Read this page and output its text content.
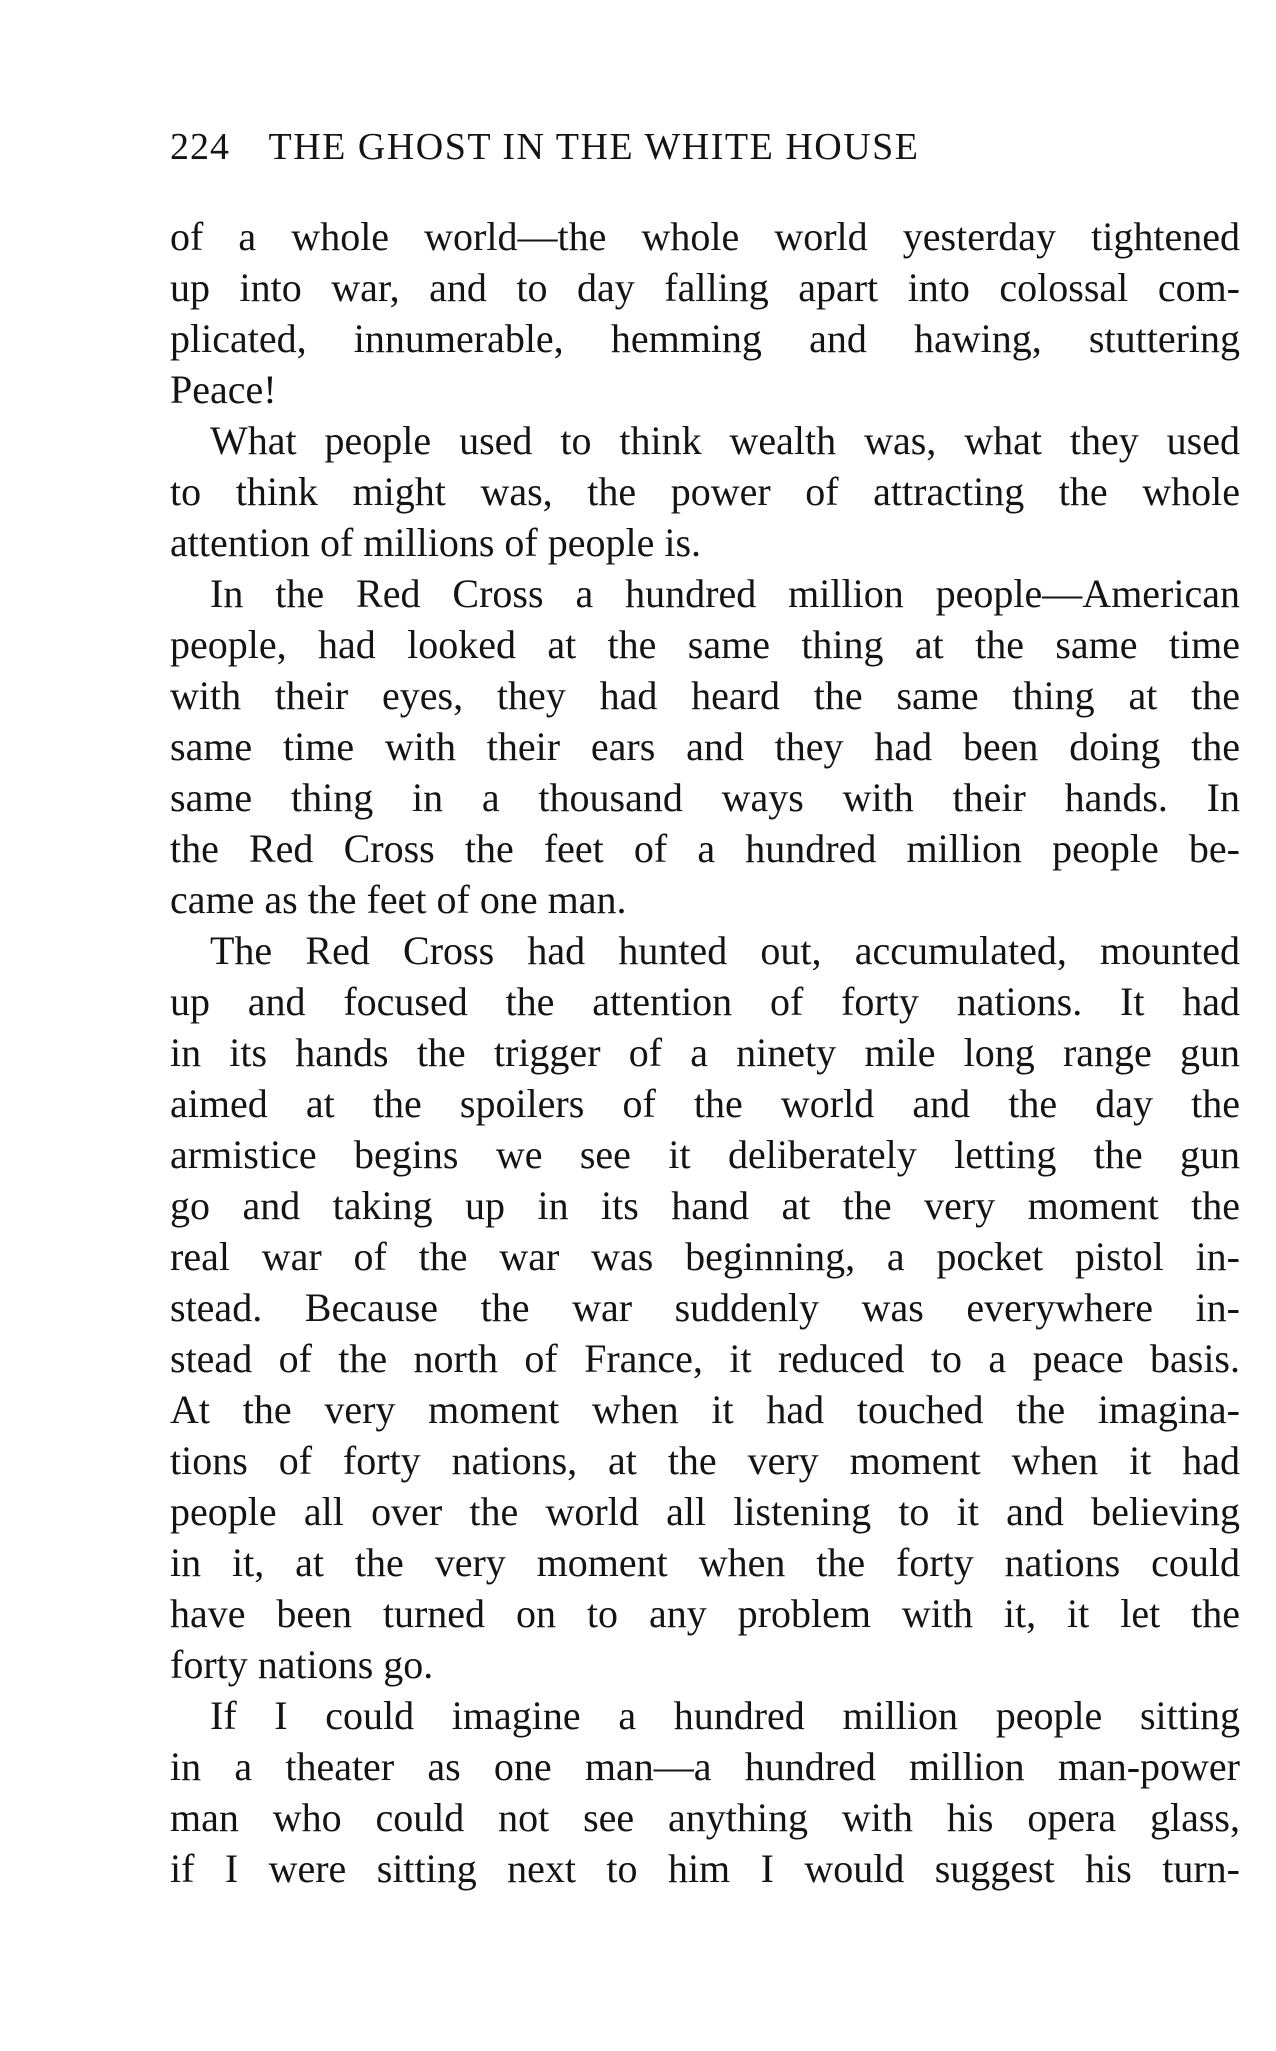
224 THE GHOST IN THE WHITE HOUSE
of a whole world—the whole world yesterday tightened
up into war, and to day falling apart into colossal com-
plicated, innumerable, hemming and hawing, stuttering
Peace!
What people used to think wealth was, what they used
to think might was, the power of attracting the whole
attention of millions of people is.
In the Red Cross a hundred million people—American
people, had looked at the same thing at the same time
with their eyes, they had heard the same thing at the
same time with their ears and they had been doing the
same thing in a thousand ways with their hands. In
the Red Cross the feet of a hundred million people be-
came as the feet of one man.
The Red Cross had hunted out, accumulated, mounted
up and focused the attention of forty nations. It had
in its hands the trigger of a ninety mile long range gun
aimed at the spoilers of the world and the day the
armistice begins we see it deliberately letting the gun
go and taking up in its hand at the very moment the
real war of the war was beginning, a pocket pistol in-
stead. Because the war suddenly was everywhere in-
stead of the north of France, it reduced to a peace basis.
At the very moment when it had touched the imagina-
tions of forty nations, at the very moment when it had
people all over the world all listening to it and believing
in it, at the very moment when the forty nations could
have been turned on to any problem with it, it let the
forty nations go.
If I could imagine a hundred million people sitting
in a theater as one man—a hundred million man-power
man who could not see anything with his opera glass,
if I were sitting next to him I would suggest his turn-
